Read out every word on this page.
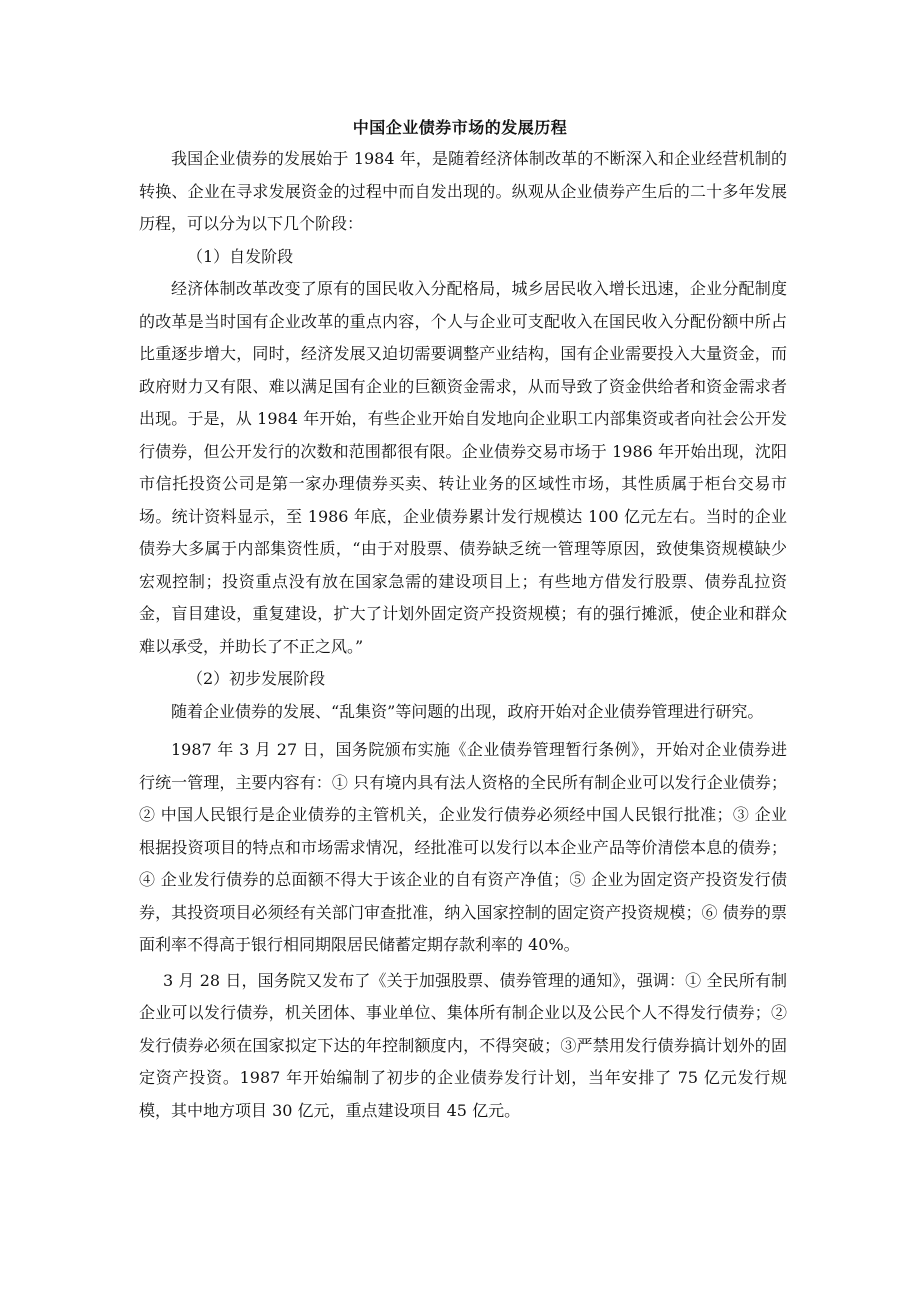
中国企业债券市场的发展历程

我国企业债券的发展始于 1984 年，是随着经济体制改革的不断深入和企业经营机制的转换、企业在寻求发展资金的过程中而自发出现的。纵观从企业债券产生后的二十多年发展历程，可以分为以下几个阶段：

（1）自发阶段

经济体制改革改变了原有的国民收入分配格局，城乡居民收入增长迅速，企业分配制度的改革是当时国有企业改革的重点内容，个人与企业可支配收入在国民收入分配份额中所占比重逐步增大，同时，经济发展又迫切需要调整产业结构，国有企业需要投入大量资金，而政府财力又有限、难以满足国有企业的巨额资金需求，从而导致了资金供给者和资金需求者出现。于是，从 1984 年开始，有些企业开始自发地向企业职工内部集资或者向社会公开发行债券，但公开发行的次数和范围都很有限。企业债券交易市场于 1986 年开始出现，沈阳市信托投资公司是第一家办理债券买卖、转让业务的区域性市场，其性质属于柜台交易市场。统计资料显示，至 1986 年底，企业债券累计发行规模达 100 亿元左右。当时的企业债券大多属于内部集资性质，“由于对股票、债券缺乏统一管理等原因，致使集资规模缺少宏观控制；投资重点没有放在国家急需的建设项目上；有些地方借发行股票、债券乱拉资金，盲目建设，重复建设，扩大了计划外固定资产投资规模；有的强行摊派，使企业和群众难以承受，并助长了不正之风。”

（2）初步发展阶段

随着企业债券的发展、“乱集资”等问题的出现，政府开始对企业债券管理进行研究。

1987 年 3 月 27 日，国务院颁布实施《企业债券管理暂行条例》，开始对企业债券进行统一管理，主要内容有：① 只有境内具有法人资格的全民所有制企业可以发行企业债券；② 中国人民银行是企业债券的主管机关，企业发行债券必须经中国人民银行批准；③ 企业根据投资项目的特点和市场需求情况，经批准可以发行以本企业产品等价清偿本息的债券；④ 企业发行债券的总面额不得大于该企业的自有资产净值；⑤ 企业为固定资产投资发行债券，其投资项目必须经有关部门审查批准，纳入国家控制的固定资产投资规模；⑥ 债券的票面利率不得高于银行相同期限居民储蓄定期存款利率的 40%。

3 月 28 日，国务院又发布了《关于加强股票、债券管理的通知》，强调：① 全民所有制企业可以发行债券，机关团体、事业单位、集体所有制企业以及公民个人不得发行债券；② 发行债券必须在国家拟定下达的年控制额度内，不得突破；③严禁用发行债券搞计划外的固定资产投资。1987 年开始编制了初步的企业债券发行计划，当年安排了 75 亿元发行规模，其中地方项目 30 亿元，重点建设项目 45 亿元。
